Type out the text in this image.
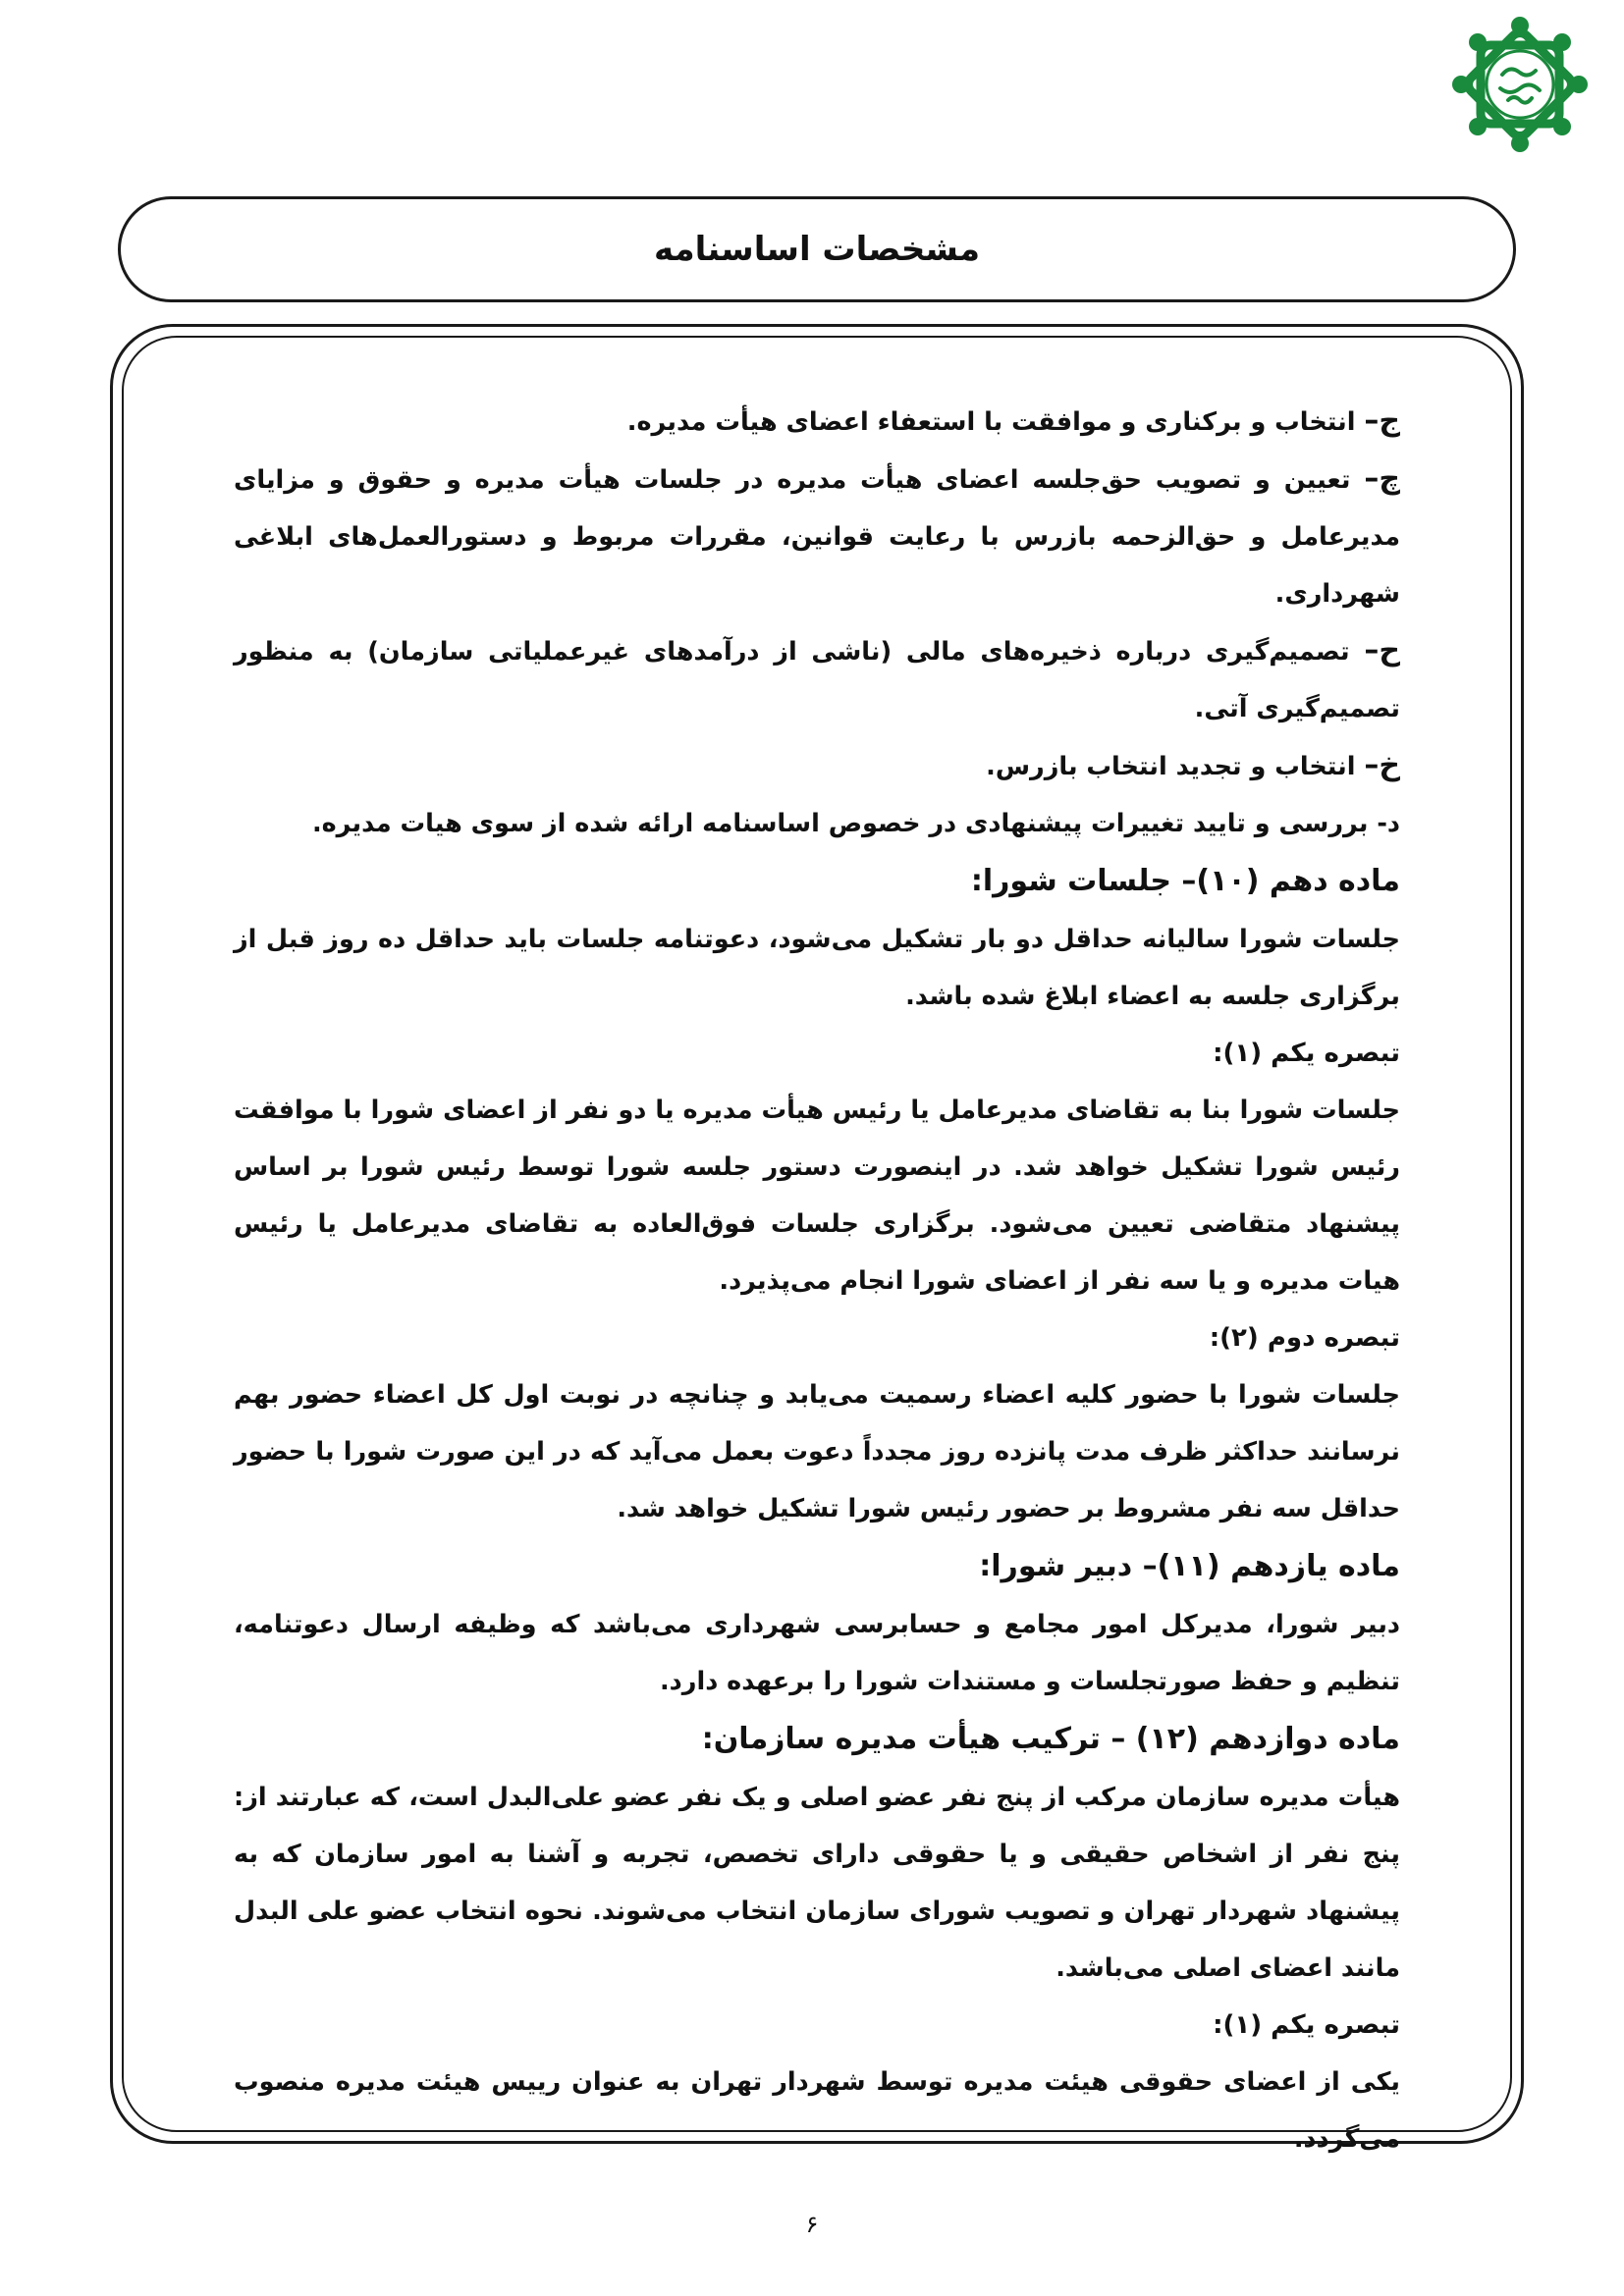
مشخصات اساسنامه

ج– انتخاب و برکناری و موافقت با استعفاء اعضای هیأت مدیره.

چ– تعیین و تصویب حق‌جلسه اعضای هیأت مدیره در جلسات هیأت مدیره و حقوق و مزایای مدیرعامل و حق‌الزحمه بازرس با رعایت قوانین، مقررات مربوط و دستورالعمل‌های ابلاغی شهرداری.

ح– تصمیم‌گیری درباره ذخیره‌های مالی (ناشی از درآمدهای غیرعملیاتی سازمان) به منظور تصمیم‌گیری آتی.

خ– انتخاب و تجدید انتخاب بازرس.

د- بررسی و تایید تغییرات پیشنهادی در خصوص اساسنامه ارائه شده از سوی هیات مدیره.

ماده دهم (۱۰)– جلسات شورا:

جلسات شورا سالیانه حداقل دو بار تشکیل می‌شود، دعوتنامه جلسات باید حداقل ده روز قبل از برگزاری جلسه به اعضاء ابلاغ شده باشد.

تبصره یکم (۱):

جلسات شورا بنا به تقاضای مدیرعامل یا رئیس هیأت مدیره یا دو نفر از اعضای شورا با موافقت رئیس شورا تشکیل خواهد شد. در اینصورت دستور جلسه شورا توسط رئیس شورا بر اساس پیشنهاد متقاضی تعیین می‌شود. برگزاری جلسات فوق‌العاده به تقاضای مدیرعامل یا رئیس هیات مدیره و یا سه نفر از اعضای شورا انجام می‌پذیرد.

تبصره دوم (۲):

جلسات شورا با حضور کلیه اعضاء رسمیت می‌یابد و چنانچه در نوبت اول کل اعضاء حضور بهم نرسانند حداکثر ظرف مدت پانزده روز مجدداً دعوت بعمل می‌آید که در این صورت شورا با حضور حداقل سه نفر مشروط بر حضور رئیس شورا تشکیل خواهد شد.

ماده یازدهم (۱۱)– دبیر شورا:

دبیر شورا، مدیرکل امور مجامع و حسابرسی شهرداری می‌باشد که وظیفه ارسال دعوتنامه، تنظیم و حفظ صورتجلسات و مستندات شورا را برعهده دارد.

ماده دوازدهم (۱۲) – ترکیب هیأت مدیره سازمان:

هیأت مدیره سازمان مرکب از پنج نفر عضو اصلی و یک نفر عضو علی‌البدل است، که عبارتند از: پنج نفر از اشخاص حقیقی و یا حقوقی دارای تخصص، تجربه و آشنا به امور سازمان که به پیشنهاد شهردار تهران و تصویب شورای سازمان انتخاب می‌شوند. نحوه انتخاب عضو علی البدل مانند اعضای اصلی می‌باشد.

تبصره یکم (۱):

یکی از اعضای حقوقی هیئت مدیره توسط شهردار تهران به عنوان رییس هیئت مدیره منصوب می‌گردد.

۶
